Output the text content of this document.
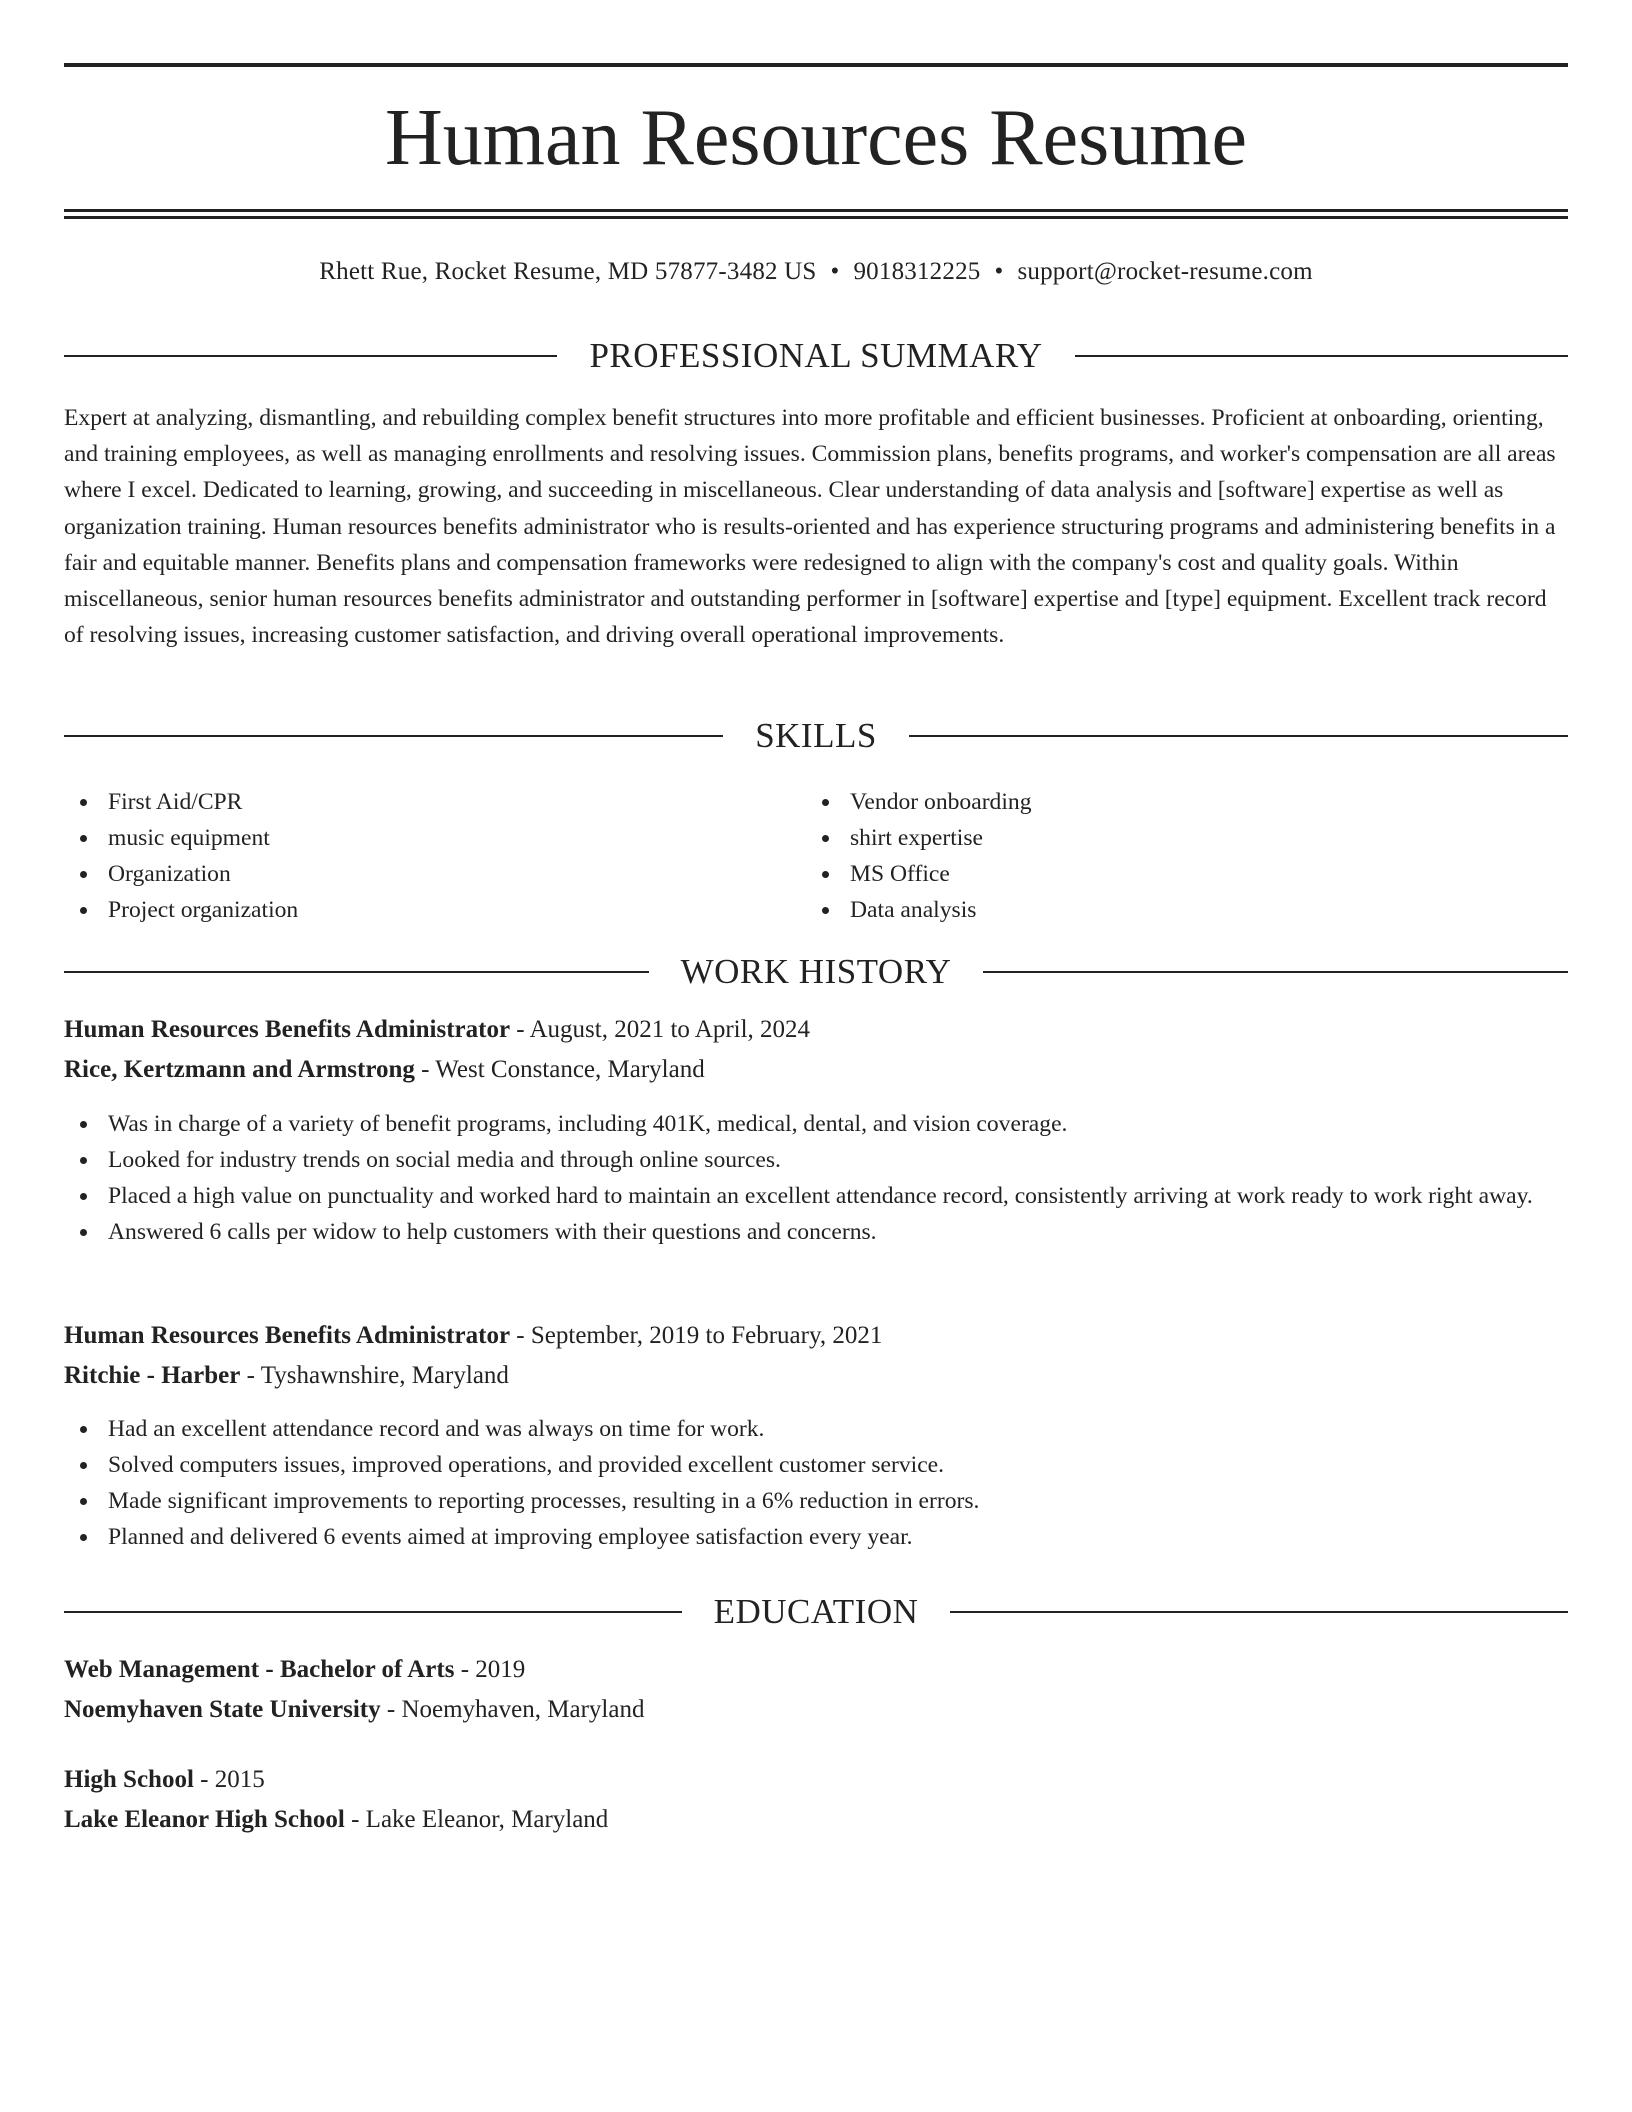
Human Resources Resume
Rhett Rue, Rocket Resume, MD 57877-3482 US • 9018312225 • support@rocket-resume.com
PROFESSIONAL SUMMARY

Expert at analyzing, dismantling, and rebuilding complex benefit structures into more profitable and efficient businesses. Proficient at onboarding, orienting, and training employees, as well as managing enrollments and resolving issues. Commission plans, benefits programs, and worker's compensation are all areas where I excel. Dedicated to learning, growing, and succeeding in miscellaneous. Clear understanding of data analysis and [software] expertise as well as organization training. Human resources benefits administrator who is results-oriented and has experience structuring programs and administering benefits in a fair and equitable manner. Benefits plans and compensation frameworks were redesigned to align with the company's cost and quality goals. Within miscellaneous, senior human resources benefits administrator and outstanding performer in [software] expertise and [type] equipment. Excellent track record of resolving issues, increasing customer satisfaction, and driving overall operational improvements.

SKILLS
First Aid/CPR
music equipment
Organization
Project organization
Vendor onboarding
shirt expertise
MS Office
Data analysis
WORK HISTORY
Human Resources Benefits Administrator - August, 2021 to April, 2024
Rice, Kertzmann and Armstrong - West Constance, Maryland
Was in charge of a variety of benefit programs, including 401K, medical, dental, and vision coverage.
Looked for industry trends on social media and through online sources.
Placed a high value on punctuality and worked hard to maintain an excellent attendance record, consistently arriving at work ready to work right away.
Answered 6 calls per widow to help customers with their questions and concerns.
Human Resources Benefits Administrator - September, 2019 to February, 2021
Ritchie - Harber - Tyshawnshire, Maryland
Had an excellent attendance record and was always on time for work.
Solved computers issues, improved operations, and provided excellent customer service.
Made significant improvements to reporting processes, resulting in a 6% reduction in errors.
Planned and delivered 6 events aimed at improving employee satisfaction every year.
EDUCATION
Web Management - Bachelor of Arts - 2019
Noemyhaven State University - Noemyhaven, Maryland
High School - 2015
Lake Eleanor High School - Lake Eleanor, Maryland
